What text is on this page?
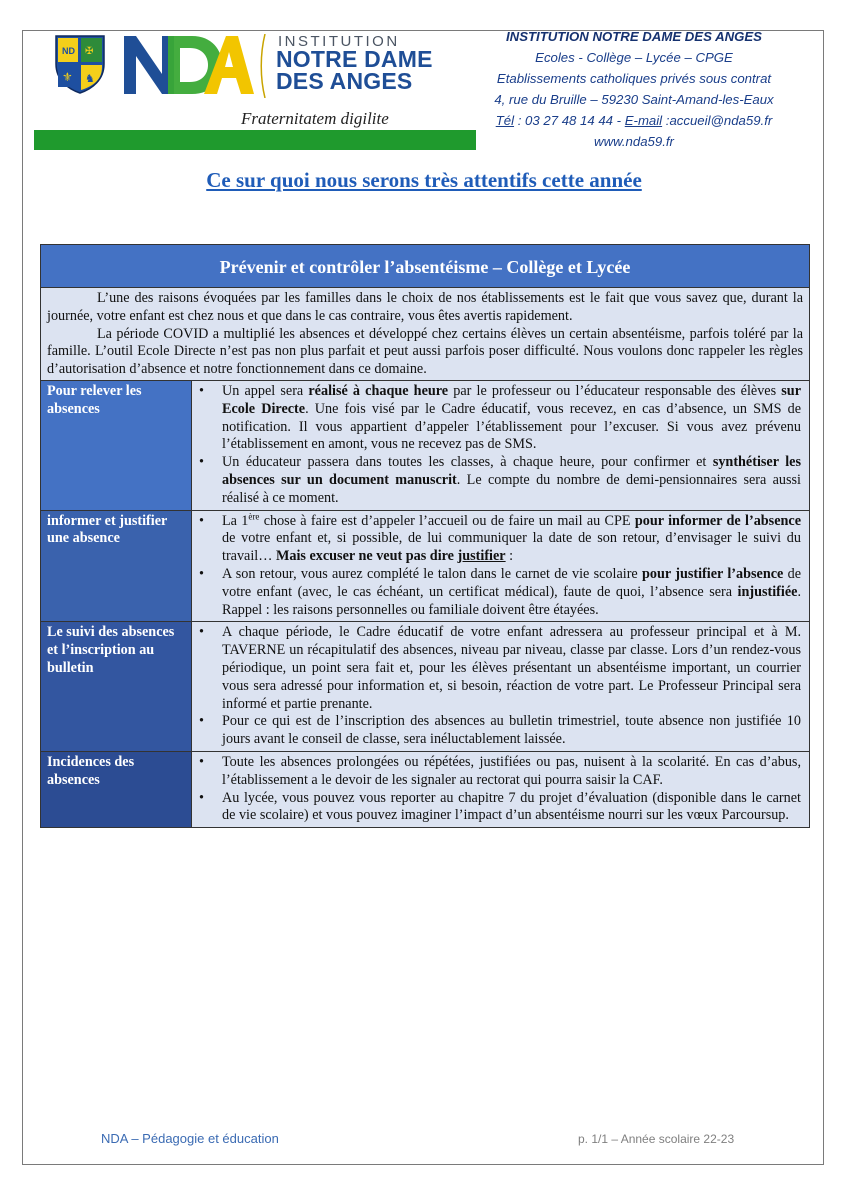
ND ✠
⚜ ♞
INSTITUTION
NOTRE DAME
DES ANGES
Fraternitatem digilite
INSTITUTION NOTRE DAME DES ANGES
Ecoles - Collège – Lycée – CPGE
Etablissements catholiques privés sous contrat
4, rue du Bruille – 59230 Saint-Amand-les-Eaux
Tél : 03 27 48 14 44 - E-mail :accueil@nda59.fr
www.nda59.fr
Ce sur quoi nous serons très attentifs cette année
Prévenir et contrôler l’absentéisme – Collège et Lycée

L’une des raisons évoquées par les familles dans le choix de nos établissements est le fait que vous savez que, durant la journée, votre enfant est chez nous et que dans le cas contraire, vous êtes avertis rapidement.

La période COVID a multiplié les absences et développé chez certains élèves un certain absentéisme, parfois toléré par la famille. L’outil Ecole Directe n’est pas non plus parfait et peut aussi parfois poser difficulté. Nous voulons donc rappeler les règles d’autorisation d’absence et notre fonctionnement dans ce domaine.

Pour relever les absences
• Un appel sera réalisé à chaque heure par le professeur ou l’éducateur responsable des élèves sur Ecole Directe. Une fois visé par le Cadre éducatif, vous recevez, en cas d’absence, un SMS de notification. Il vous appartient d’appeler l’établissement pour l’excuser. Si vous avez prévenu l’établissement en amont, vous ne recevez pas de SMS.
• Un éducateur passera dans toutes les classes, à chaque heure, pour confirmer et synthétiser les absences sur un document manuscrit. Le compte du nombre de demi-pensionnaires sera aussi réalisé à ce moment.
informer et justifier une absence
• La 1ère chose à faire est d’appeler l’accueil ou de faire un mail au CPE pour informer de l’absence de votre enfant et, si possible, de lui communiquer la date de son retour, d’envisager le suivi du travail… Mais excuser ne veut pas dire justifier :
• A son retour, vous aurez complété le talon dans le carnet de vie scolaire pour justifier l’absence de votre enfant (avec, le cas échéant, un certificat médical), faute de quoi, l’absence sera injustifiée. Rappel : les raisons personnelles ou familiale doivent être étayées.
Le suivi des absences et l’inscription au bulletin
• A chaque période, le Cadre éducatif de votre enfant adressera au professeur principal et à M. TAVERNE un récapitulatif des absences, niveau par niveau, classe par classe. Lors d’un rendez-vous périodique, un point sera fait et, pour les élèves présentant un absentéisme important, un courrier vous sera adressé pour information et, si besoin, réaction de votre part. Le Professeur Principal sera informé et partie prenante.
• Pour ce qui est de l’inscription des absences au bulletin trimestriel, toute absence non justifiée 10 jours avant le conseil de classe, sera inéluctablement laissée.
Incidences des absences
• Toute les absences prolongées ou répétées, justifiées ou pas, nuisent à la scolarité. En cas d’abus, l’établissement a le devoir de les signaler au rectorat qui pourra saisir la CAF.
• Au lycée, vous pouvez vous reporter au chapitre 7 du projet d’évaluation (disponible dans le carnet de vie scolaire) et vous pouvez imaginer l’impact d’un absentéisme nourri sur les vœux Parcoursup.
NDA – Pédagogie et éducation	p. 1/1 – Année scolaire 22-23
